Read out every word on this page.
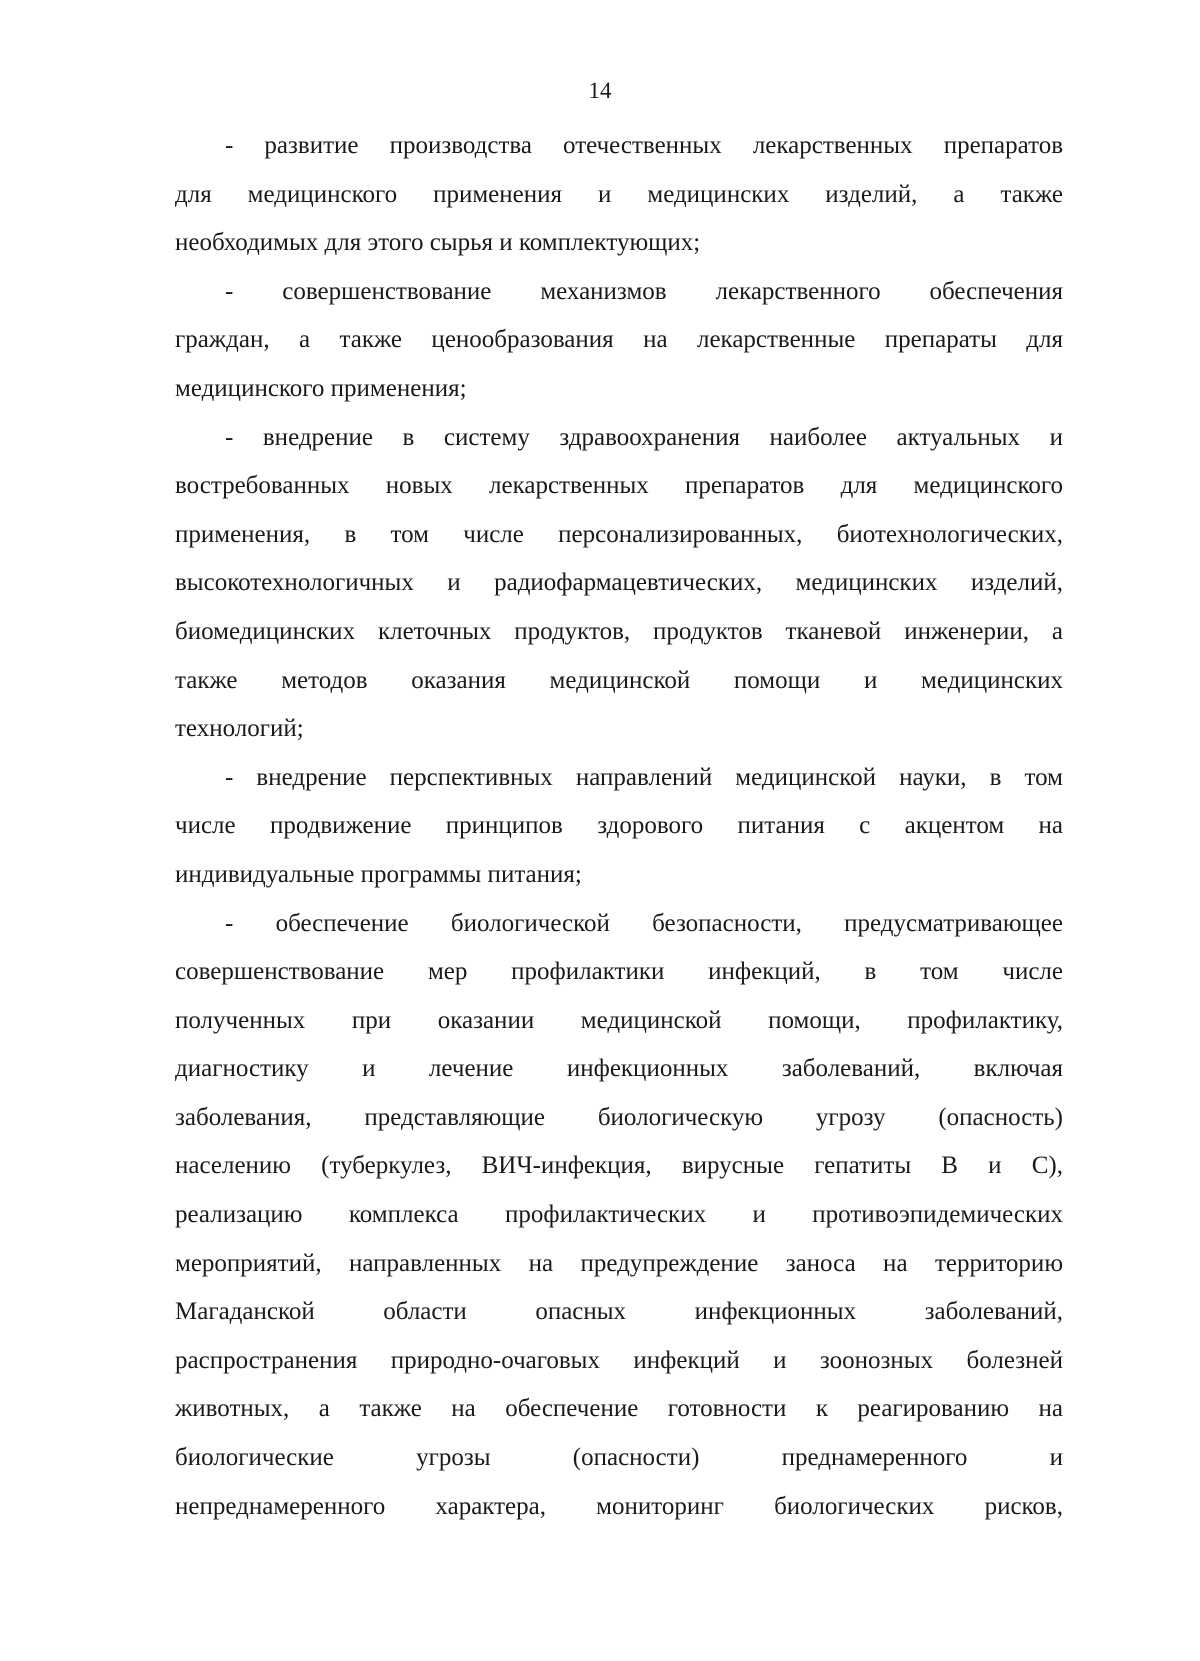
14
- развитие производства отечественных лекарственных препаратов
для медицинского применения и медицинских изделий, а также
необходимых для этого сырья и комплектующих;
- совершенствование механизмов лекарственного обеспечения
граждан, а также ценообразования на лекарственные препараты для
медицинского применения;
- внедрение в систему здравоохранения наиболее актуальных и
востребованных новых лекарственных препаратов для медицинского
применения, в том числе персонализированных, биотехнологических,
высокотехнологичных и радиофармацевтических, медицинских изделий,
биомедицинских клеточных продуктов, продуктов тканевой инженерии, а
также методов оказания медицинской помощи и медицинских
технологий;
- внедрение перспективных направлений медицинской науки, в том
числе продвижение принципов здорового питания с акцентом на
индивидуальные программы питания;
- обеспечение биологической безопасности, предусматривающее
совершенствование мер профилактики инфекций, в том числе
полученных при оказании медицинской помощи, профилактику,
диагностику и лечение инфекционных заболеваний, включая
заболевания, представляющие биологическую угрозу (опасность)
населению (туберкулез, ВИЧ-инфекция, вирусные гепатиты В и С),
реализацию комплекса профилактических и противоэпидемических
мероприятий, направленных на предупреждение заноса на территорию
Магаданской области опасных инфекционных заболеваний,
распространения природно-очаговых инфекций и зоонозных болезней
животных, а также на обеспечение готовности к реагированию на
биологические угрозы (опасности) преднамеренного и
непреднамеренного характера, мониторинг биологических рисков,
